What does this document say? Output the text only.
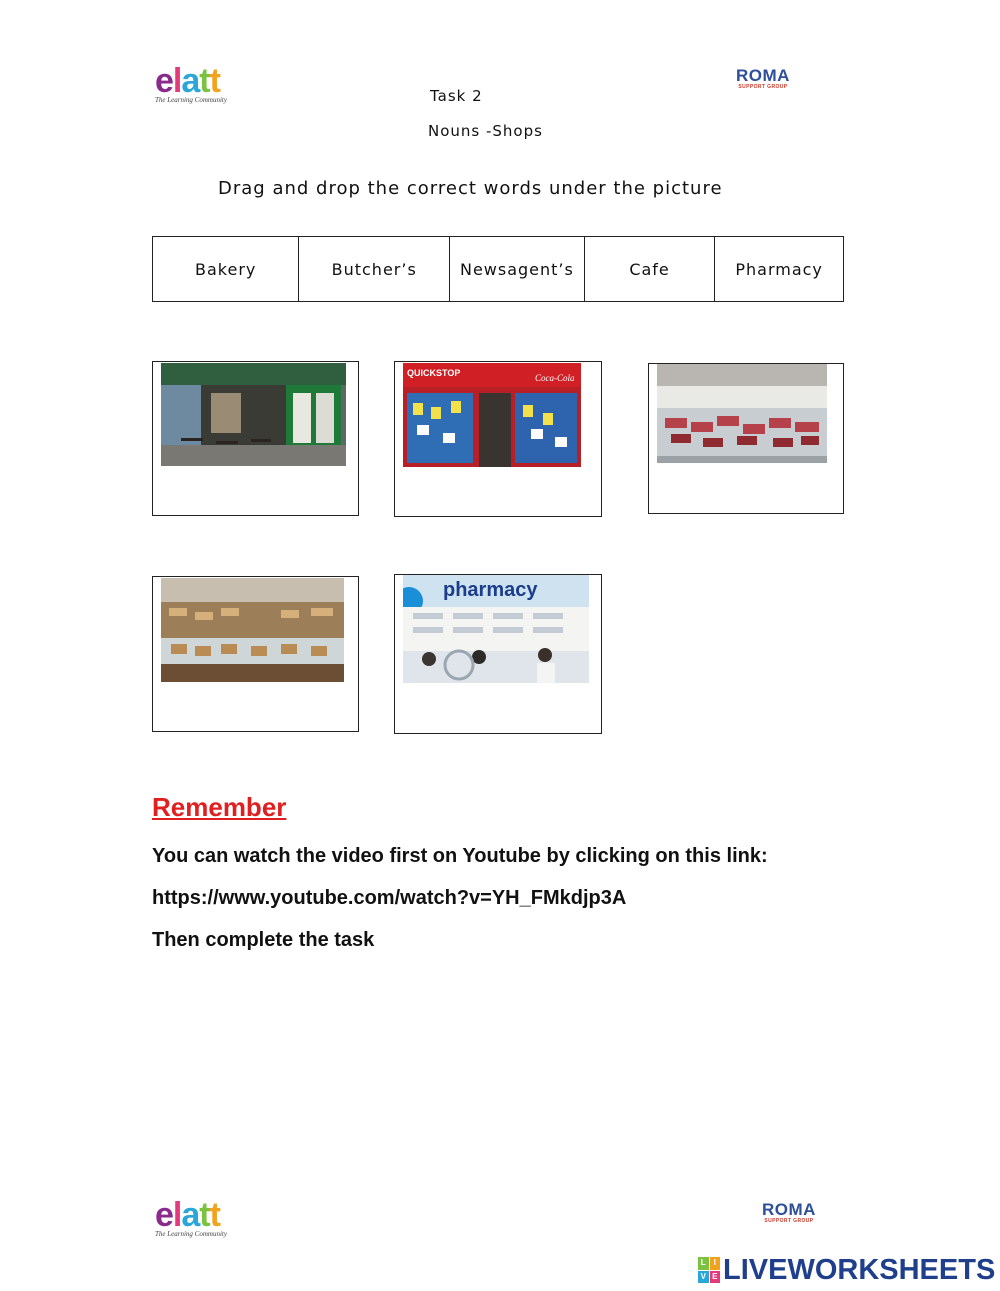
elatt
The Learning Community
ROMA
SUPPORT GROUP
Task 2
Nouns -Shops
Drag and drop the correct words under the picture
Bakery	Butcher’s	Newsagent’s	Cafe	Pharmacy
QUICKSTOP	Coca-Cola
pharmacy
Remember
You can watch the video first on Youtube by clicking on this link:
https://www.youtube.com/watch?v=YH_FMkdjp3A
Then complete the task
elatt
The Learning Community
ROMA
SUPPORT GROUP
L I
V E LIVEWORKSHEETS
